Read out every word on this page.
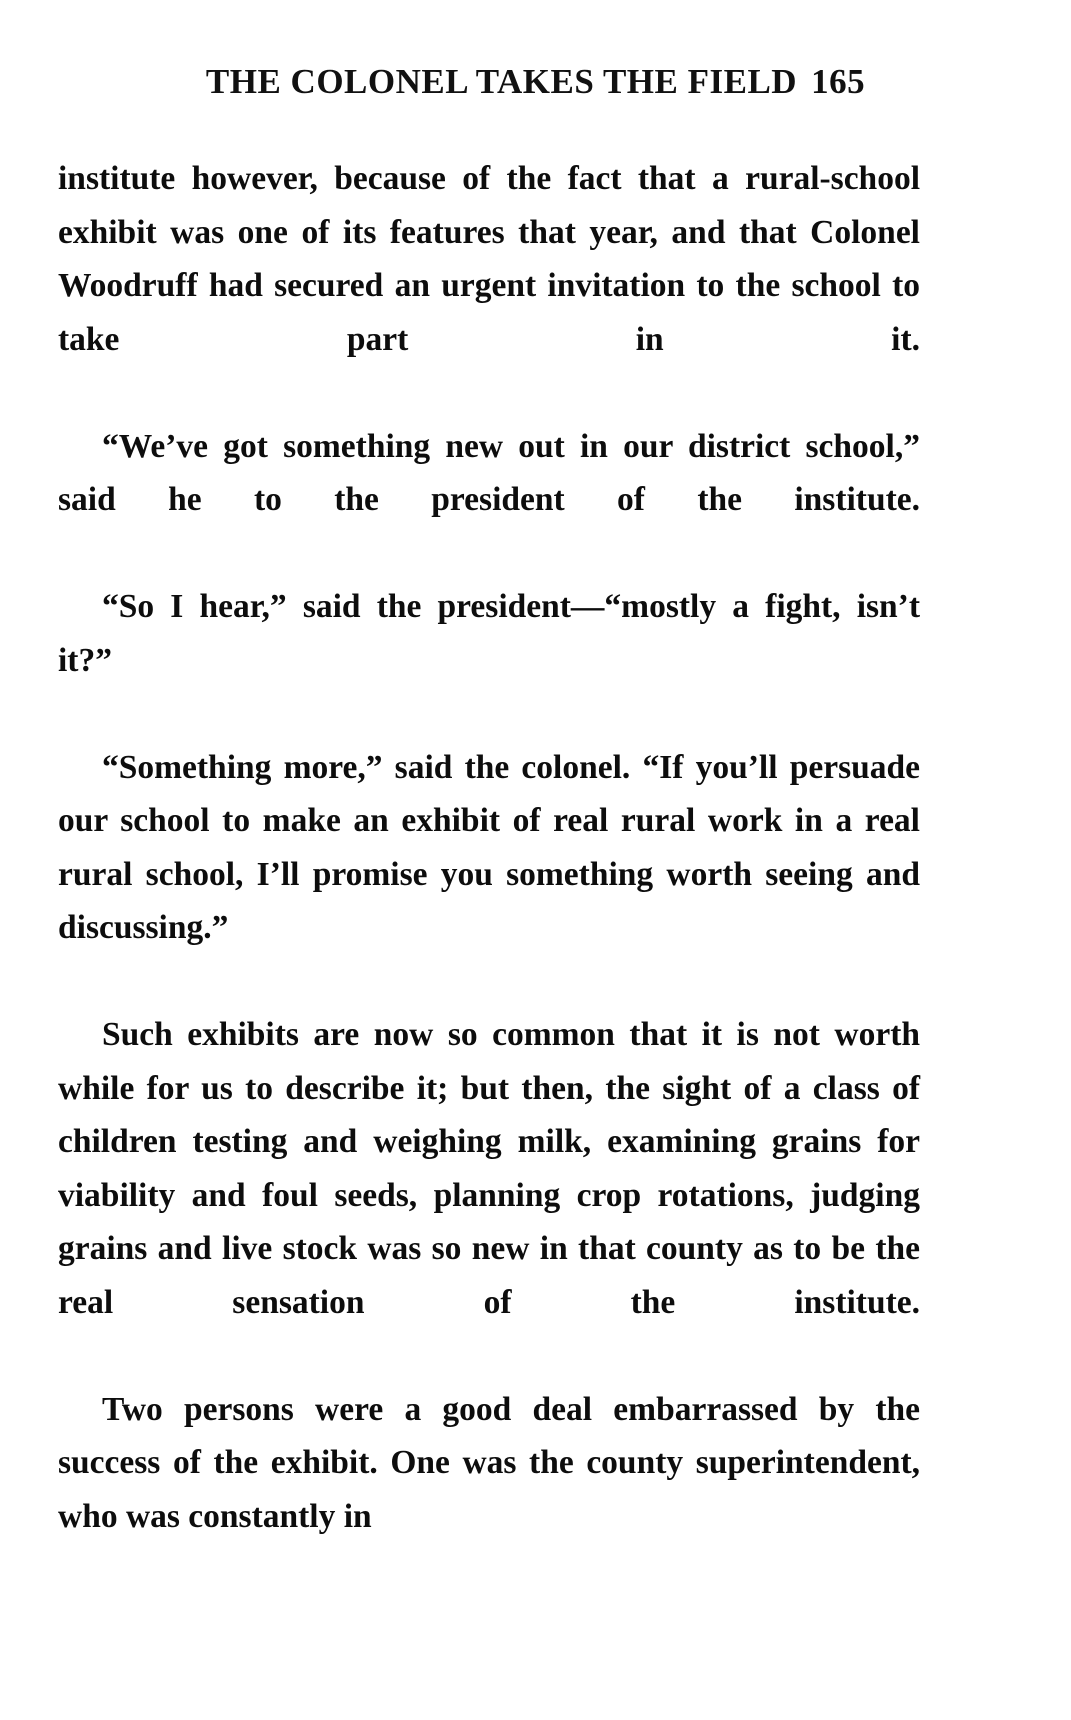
THE COLONEL TAKES THE FIELD 165

institute however, because of the fact that a rural-school exhibit was one of its features that year, and that Colonel Woodruff had secured an urgent invitation to the school to take part in it.

“We’ve got something new out in our district school,” said he to the president of the institute.

“So I hear,” said the president—“mostly a fight, isn’t it?”

“Something more,” said the colonel. “If you’ll persuade our school to make an exhibit of real rural work in a real rural school, I’ll promise you something worth seeing and discussing.”

Such exhibits are now so common that it is not worth while for us to describe it; but then, the sight of a class of children testing and weighing milk, examining grains for viability and foul seeds, planning crop rotations, judging grains and live stock was so new in that county as to be the real sensation of the institute.

Two persons were a good deal embarrassed by the success of the exhibit. One was the county superintendent, who was constantly in
